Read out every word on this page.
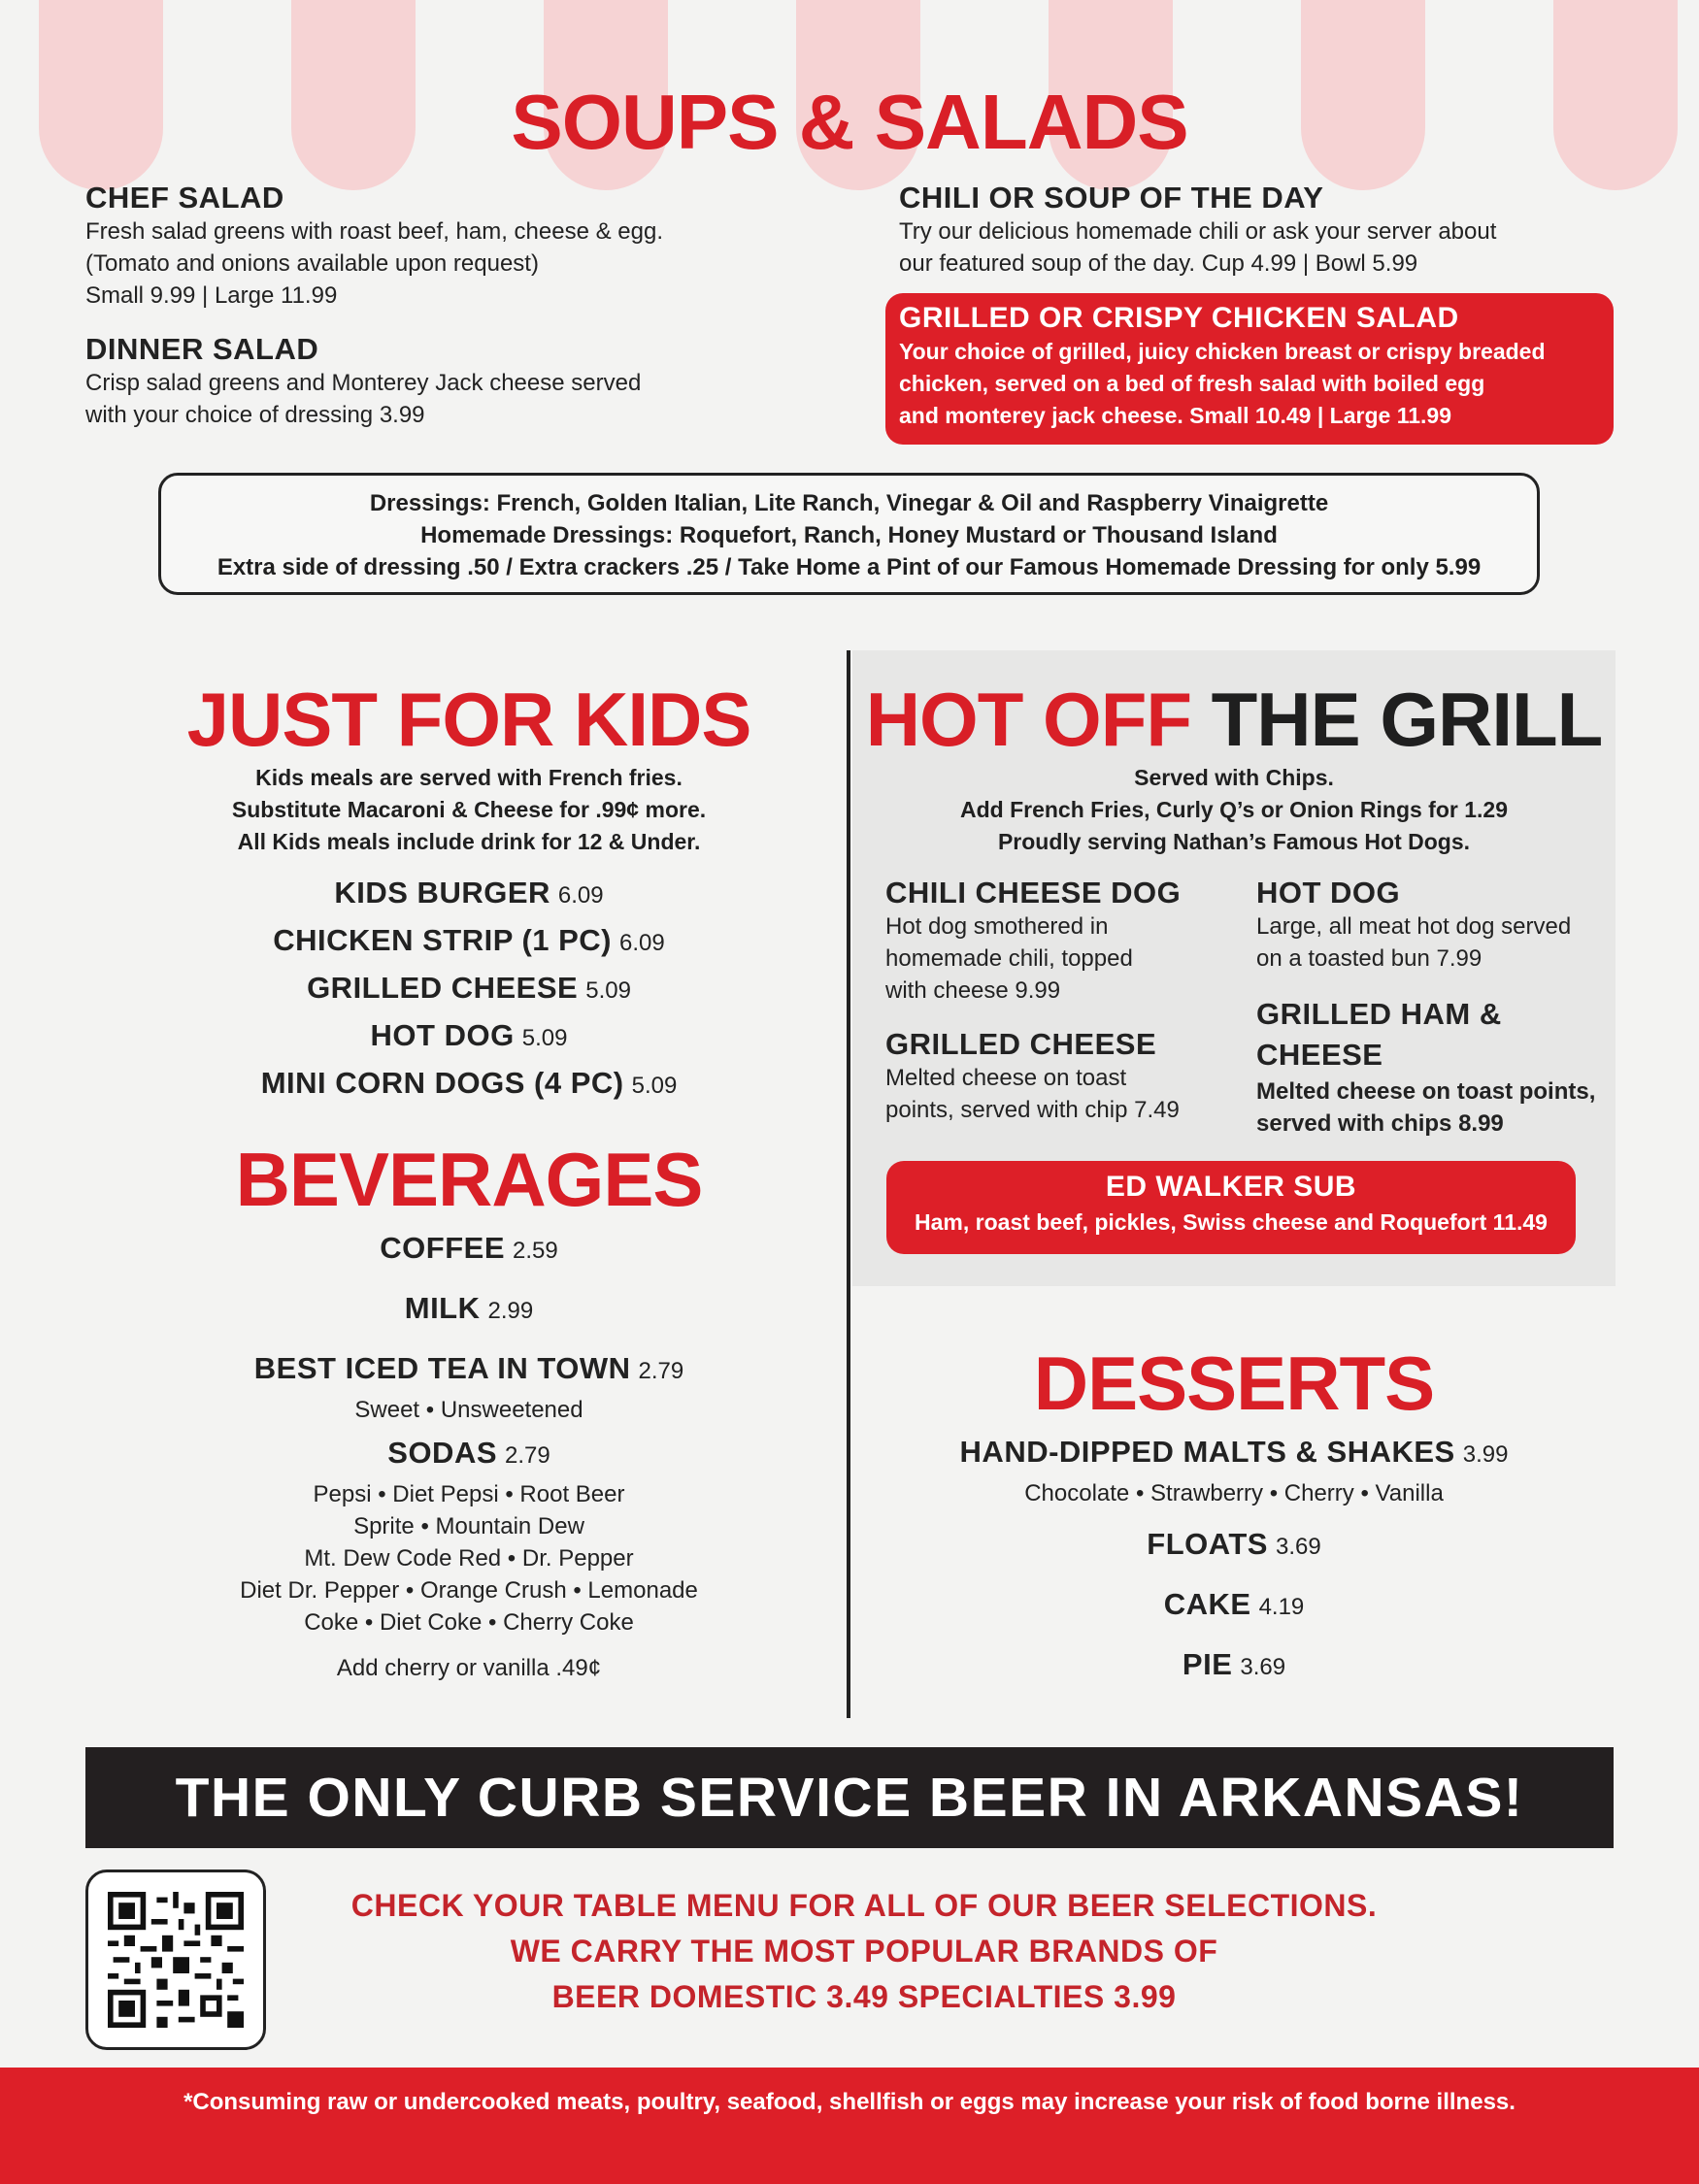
SOUPS & SALADS
CHEF SALAD
Fresh salad greens with roast beef, ham, cheese & egg.
(Tomato and onions available upon request)
Small 9.99 | Large 11.99
DINNER SALAD
Crisp salad greens and Monterey Jack cheese served
with your choice of dressing 3.99
CHILI OR SOUP OF THE DAY
Try our delicious homemade chili or ask your server about
our featured soup of the day. Cup 4.99 | Bowl 5.99
GRILLED OR CRISPY CHICKEN SALAD
Your choice of grilled, juicy chicken breast or crispy breaded
chicken, served on a bed of fresh salad with boiled egg
and monterey jack cheese. Small 10.49 | Large 11.99
Dressings: French, Golden Italian, Lite Ranch, Vinegar & Oil and Raspberry Vinaigrette
Homemade Dressings: Roquefort, Ranch, Honey Mustard or Thousand Island
Extra side of dressing .50 / Extra crackers .25 / Take Home a Pint of our Famous Homemade Dressing for only 5.99
JUST FOR KIDS
Kids meals are served with French fries.
Substitute Macaroni & Cheese for .99¢ more.
All Kids meals include drink for 12 & Under.
KIDS BURGER 6.09
CHICKEN STRIP (1 PC) 6.09
GRILLED CHEESE 5.09
HOT DOG 5.09
MINI CORN DOGS (4 PC) 5.09
BEVERAGES
COFFEE 2.59
MILK 2.99
BEST ICED TEA IN TOWN 2.79
Sweet • Unsweetened
SODAS 2.79
Pepsi • Diet Pepsi • Root Beer
Sprite • Mountain Dew
Mt. Dew Code Red • Dr. Pepper
Diet Dr. Pepper • Orange Crush • Lemonade
Coke • Diet Coke • Cherry Coke
Add cherry or vanilla .49¢
HOT OFF THE GRILL
Served with Chips.
Add French Fries, Curly Q’s or Onion Rings for 1.29
Proudly serving Nathan’s Famous Hot Dogs.
CHILI CHEESE DOG
Hot dog smothered in
homemade chili, topped
with cheese 9.99
GRILLED CHEESE
Melted cheese on toast
points, served with chip 7.49
HOT DOG
Large, all meat hot dog served
on a toasted bun 7.99
GRILLED HAM &
CHEESE
Melted cheese on toast points,
served with chips 8.99
ED WALKER SUB
Ham, roast beef, pickles, Swiss cheese and Roquefort 11.49
DESSERTS
HAND-DIPPED MALTS & SHAKES 3.99
Chocolate • Strawberry • Cherry • Vanilla
FLOATS 3.69
CAKE 4.19
PIE 3.69
THE ONLY CURB SERVICE BEER IN ARKANSAS!
CHECK YOUR TABLE MENU FOR ALL OF OUR BEER SELECTIONS.
WE CARRY THE MOST POPULAR BRANDS OF
BEER DOMESTIC 3.49 SPECIALTIES 3.99
*Consuming raw or undercooked meats, poultry, seafood, shellfish or eggs may increase your risk of food borne illness.
